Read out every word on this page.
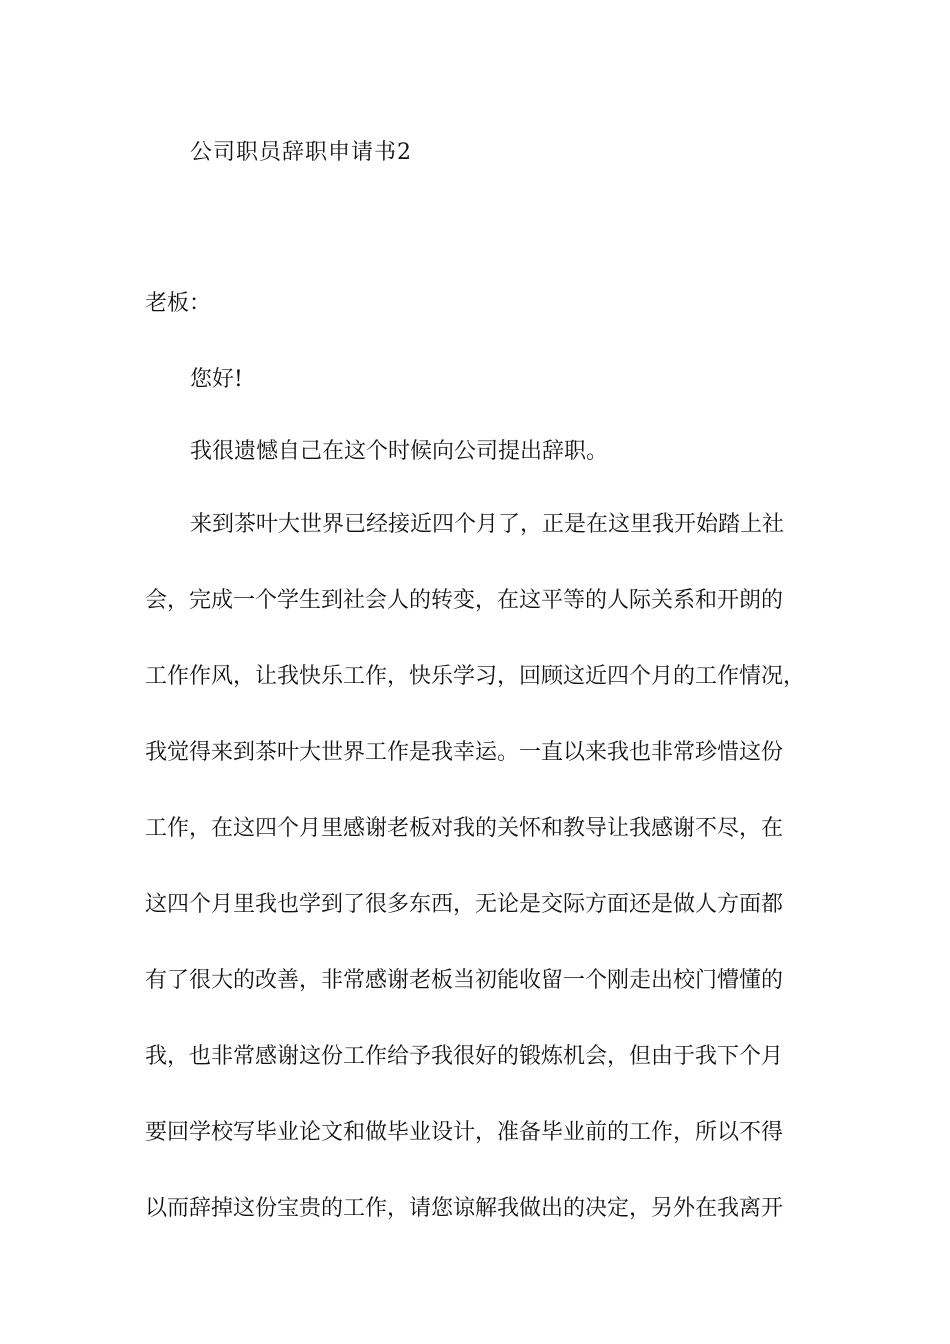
公司职员辞职申请书2
老板：
您好!
我很遗憾自己在这个时候向公司提出辞职。
来到茶叶大世界已经接近四个月了，正是在这里我开始踏上社
会，完成一个学生到社会人的转变，在这平等的人际关系和开朗的
工作作风，让我快乐工作，快乐学习，回顾这近四个月的工作情况，
我觉得来到茶叶大世界工作是我幸运。一直以来我也非常珍惜这份
工作，在这四个月里感谢老板对我的关怀和教导让我感谢不尽，在
这四个月里我也学到了很多东西，无论是交际方面还是做人方面都
有了很大的改善，非常感谢老板当初能收留一个刚走出校门懵懂的
我，也非常感谢这份工作给予我很好的锻炼机会，但由于我下个月
要回学校写毕业论文和做毕业设计，准备毕业前的工作，所以不得
以而辞掉这份宝贵的工作，请您谅解我做出的决定，另外在我离开
